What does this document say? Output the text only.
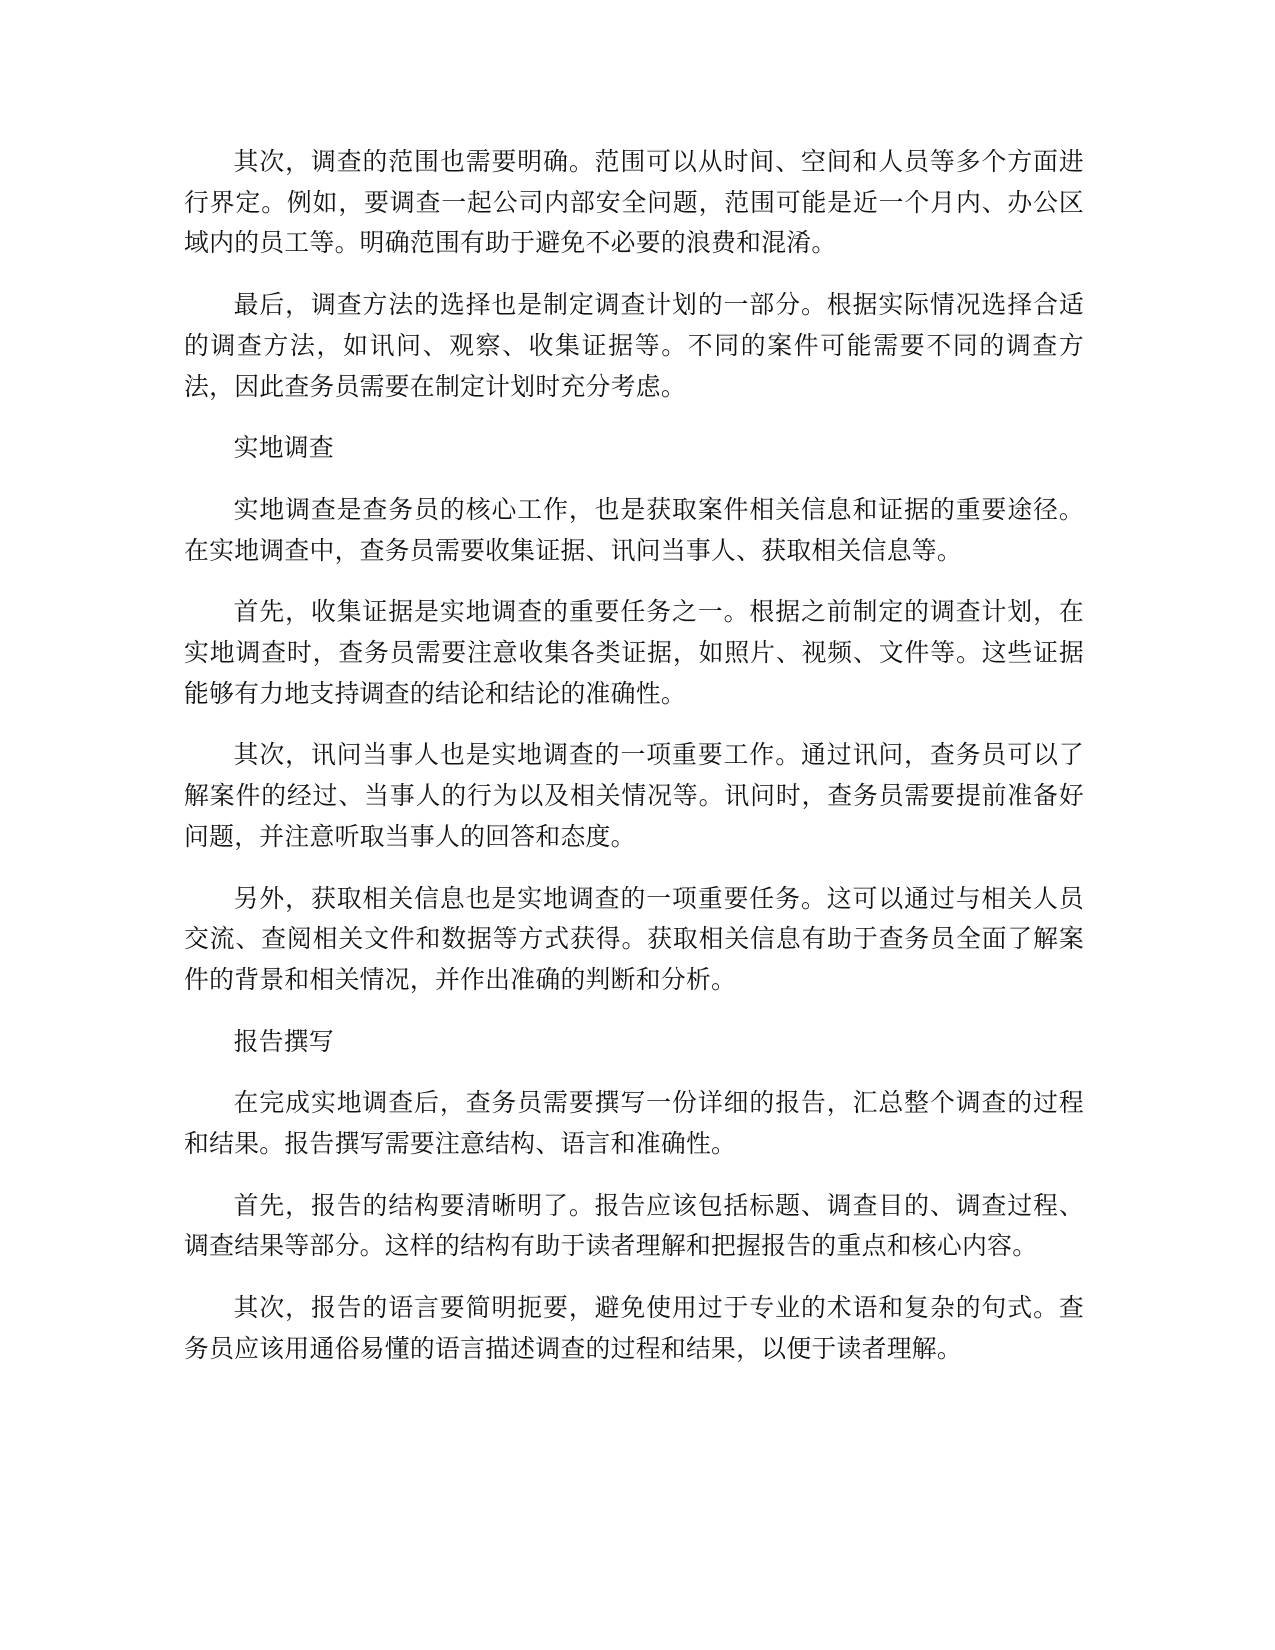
其次，调查的范围也需要明确。范围可以从时间、空间和人员等多个方面进行界定。例如，要调查一起公司内部安全问题，范围可能是近一个月内、办公区域内的员工等。明确范围有助于避免不必要的浪费和混淆。

最后，调查方法的选择也是制定调查计划的一部分。根据实际情况选择合适的调查方法，如讯问、观察、收集证据等。不同的案件可能需要不同的调查方法，因此查务员需要在制定计划时充分考虑。

实地调查

实地调查是查务员的核心工作，也是获取案件相关信息和证据的重要途径。在实地调查中，查务员需要收集证据、讯问当事人、获取相关信息等。

首先，收集证据是实地调查的重要任务之一。根据之前制定的调查计划，在实地调查时，查务员需要注意收集各类证据，如照片、视频、文件等。这些证据能够有力地支持调查的结论和结论的准确性。

其次，讯问当事人也是实地调查的一项重要工作。通过讯问，查务员可以了解案件的经过、当事人的行为以及相关情况等。讯问时，查务员需要提前准备好问题，并注意听取当事人的回答和态度。

另外，获取相关信息也是实地调查的一项重要任务。这可以通过与相关人员交流、查阅相关文件和数据等方式获得。获取相关信息有助于查务员全面了解案件的背景和相关情况，并作出准确的判断和分析。

报告撰写

在完成实地调查后，查务员需要撰写一份详细的报告，汇总整个调查的过程和结果。报告撰写需要注意结构、语言和准确性。

首先，报告的结构要清晰明了。报告应该包括标题、调查目的、调查过程、调查结果等部分。这样的结构有助于读者理解和把握报告的重点和核心内容。

其次，报告的语言要简明扼要，避免使用过于专业的术语和复杂的句式。查务员应该用通俗易懂的语言描述调查的过程和结果，以便于读者理解。
